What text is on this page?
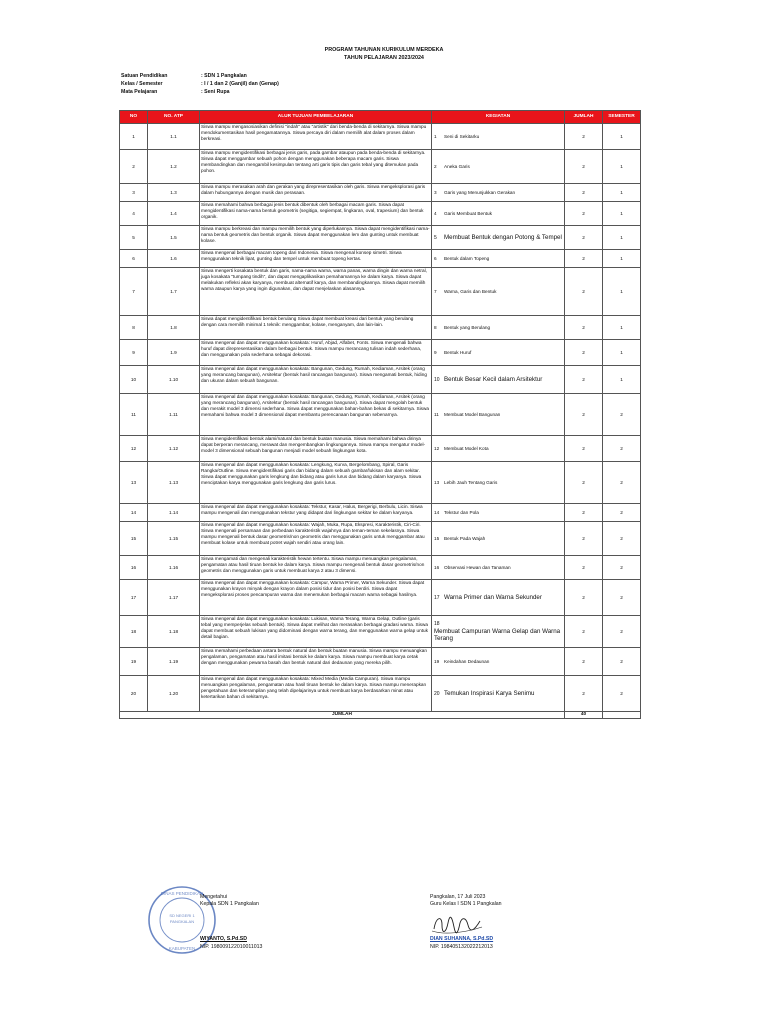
PROGRAM TAHUNAN KURIKULUM MERDEKA
TAHUN PELAJARAN 2023/2024
Satuan Pendidikan	: SDN 1 Pangkalan
Kelas / Semester	: I / 1 dan 2 (Ganjil) dan (Genap)
Mata Pelajaran	: Seni Rupa
NO	NO. ATP	ALUR TUJUAN PEMBELAJARAN	KEGIATAN	JUMLAH	SEMESTER
1	1.1	Siswa mampu mengasosiasikan definisi "indah" atau "artistik" dari benda-benda di sekitarnya. Siswa mampu mendokumentasikan hasil pengamatannya. Siswa percaya diri dalam memilih alat dalam proses dalam berkreasi.	1 Seni di Sekitarku	2	1
2	1.2	Siswa mampu mengidentifikasi berbagai jenis garis, pada gambar ataupun pada benda-benda di sekitarnya. Siswa dapat menggambar sebuah pohon dengan menggunakan beberapa macam garis. Siswa membandingkan dan mengambil kesimpulan tentang arti garis tipis dan garis tebal yang ditemukan pada pohon.	2 Aneka Garis	2	1
3	1.3	Siswa mampu merasakan arah dan gerakan yang direpresentasikan oleh garis. Siswa mengeksplorasi garis dalam hubungannya dengan musik dan perasaan.	3 Garis yang Menunjukkan Gerakan	2	1
4	1.4	Siswa memahami bahwa berbagai jenis bentuk dibentuk oleh berbagai macam garis. Siswa dapat mengidentifikasi nama-nama bentuk geometris (segitiga, segiempat, lingkaran, oval, trapesium) dan bentuk organik.	4 Garis Membuat Bentuk	2	1
5	1.5	Siswa mampu berkreasi dan mampu memilih bentuk yang diperlukannya. Siswa dapat mengidentifikasi nama-nama bentuk geometris dan bentuk organik. Siswa dapat menggunakan lem dan gunting untuk membuat kolase.	5 Membuat Bentuk dengan Potong & Tempel	2	1
6	1.6	Siswa mengenal berbagai macam topeng dari Indonesia. Siswa mengenal konsep simetri. Siswa menggunakan teknik lipat, gunting dan tempel untuk membuat topeng kertas.	6 Bentuk dalam Topeng	2	1
7	1.7	Siswa mengerti kosakata bentuk dan garis, nama-nama warna, warna panas, warna dingin dan warna netral, juga kosakata "tumpang tindih", dan dapat mengaplikasikan pemahamannya ke dalam karya. Siswa dapat melakukan refleksi akan karyanya, membuat alternatif karya, dan membandingkannya. Siswa dapat memilih warna ataupun karya yang ingin digunakan, dan dapat menjelaskan alasannya.	7 Warna, Garis dan Bentuk	2	1
8	1.8	Siswa dapat mengidentifikasi bentuk berulang Siswa dapat membuat kreasi dari bentuk yang berulang dengan cara memilih minimal 1 teknik: menggambar, kolase, menganyam, dan lain-lain.	8 Bentuk yang Berulang	2	1
9	1.9	Siswa mengenal dan dapat menggunakan kosakata: Huruf, Abjad, Alfabet, Fonts. Siswa mengenali bahwa huruf dapat direpresentasikan dalam berbagai bentuk. Siswa mampu merancang tulisan indah sederhana, dan menggunakan pola sederhana sebagai dekorasi.	9 Bentuk Huruf	2	1
10	1.10	Siswa mengenal dan dapat menggunakan kosakata: Bangunan, Gedung, Rumah, Kediaman, Arsitek (orang yang merancang bangunan), Arsitektur (bentuk hasil rancangan bangunan). Siswa mengamati bentuk, hiding dan ukuran dalam sebuah bangunan.	10 Bentuk Besar Kecil dalam Arsitektur	2	1
11	1.11	Siswa mengenal dan dapat menggunakan kosakata: Bangunan, Gedung, Rumah, Kediaman, Arsitek (orang yang merancang bangunan), Arsitektur (bentuk hasil rancangan bangunan). Siswa dapat mengolah bentuk dan merakit model 3 dimensi sederhana. Siswa dapat menggunakan bahan-bahan bekas di sekitarnya. Siswa memahami bahwa model 3 dimensional dapat membantu perencanaan bangunan sebenarnya.	11 Membuat Model Bangunan	2	2
12	1.12	Siswa mengidentifikasi bentuk alami/natural dan bentuk buatan manusia. Siswa memahami bahwa dirinya dapat berperan merancang, merawat dan mengembangkan lingkungannya. Siswa mampu mengatur model-model 3 dimensional sebuah bangunan menjadi model sebuah lingkungan kota.	12 Membuat Model Kota	2	2
13	1.13	Siswa mengenal dan dapat menggunakan kosakata: Lengkung, Kurva, Bergelombang, Spiral, Garis Rangka/Outline. Siswa mengidentifikasi garis dan bidang dalam sebuah gambar/lukisan dan alam sekitar. Siswa dapat menggunakan garis lengkung dan bidang atau garis lurus dan bidang dalam karyanya. Siswa menciptakan karya menggunakan garis lengkung dan garis lurus.	13 Lebih Jauh Tentang Garis	2	2
14	1.14	Siswa mengenal dan dapat menggunakan kosakata: Tekstur, Kasar, Halus, Bergerigi, Berbulu, Licin. Siswa mampu mengenali dan menggunakan tekstur yang didapat dari lingkungan sekitar ke dalam karyanya.	14 Tekstur dan Pola	2	2
15	1.15	Siswa mengenal dan dapat menggunakan kosakata: Wajah, Muka, Rupa, Ekspresi, Karakteristik, Ciri-Ciri. Siswa mengenali persamaan dan perbedaan karakteristik wajahnya dan teman-teman sekelasnya. Siswa mampu mengenali bentuk dasar geometris/non geometris dan menggunakan garis untuk menggambar atau membuat kolase untuk membuat potret wajah sendiri atau orang lain.	15 Bentuk Pada Wajah	2	2
16	1.16	Siswa mengamati dan mengenali karakteristik hewan tertentu. Siswa mampu menuangkan pengalaman, pengamatan atau hasil tiruan bentuk ke dalam karya. Siswa mampu mengenali bentuk dasar geometris/non geometris dan menggunakan garis untuk membuat karya 2 atau 3 dimensi.	16 Observasi Hewan dan Tanaman	2	2
17	1.17	Siswa mengenal dan dapat menggunakan kosakata: Campur, Warna Primer, Warna Sekunder. Siswa dapat menggunakan krayon minyak dengan krayon dalam posisi tidur dan posisi berdiri. Siswa dapat mengeksplorasi proses pencampuran warna dan menemukan berbagai macam warna sebagai hasilnya.	17 Warna Primer dan Warna Sekunder	2	2
18	1.18	Siswa mengenal dan dapat menggunakan kosakata: Lukisan, Warna Terang, Warna Gelap, Outline (garis tebal yang memperjelas sebuah bentuk). Siswa dapat melihat dan merasakan berbagai gradasi warna. Siswa dapat membuat sebuah lukisan yang didominasi dengan warna terang, dan menggunakan warna gelap untuk detail bagian.	18Membuat Campuran Warna Gelap dan Warna Terang	2	2
19	1.19	Siswa memahami perbedaan antara bentuk natural dan bentuk buatan manusia. Siswa mampu menuangkan pengalaman, pengamatan atau hasil imitasi bentuk ke dalam karya. Siswa mampu membuat karya cetak dengan menggunakan pewarna basah dan bentuk natural dari dedaunan yang mereka pilih.	19 Keindahan Dedaunan	2	2
20	1.20	Siswa mengenal dan dapat menggunakan kosakata: Mixed Media (Media Campuran). Siswa mampu menuangkan pengalaman, pengamatan atau hasil tiruan bentuk ke dalam karya. Siswa mampu menerapkan pengetahuan dan keterampilan yang telah dipelajarinya untuk membuat karya berdasarkan minat atau ketertarikan bahan di sekitarnya.	20 Temukan Inspirasi Karya Senimu	2	2
JUMLAH				40	
SD NEGERI 1
PANGKALAN
DINAS PENDIDIKAN
KABUPATEN
Mengetahui
Kepala SDN 1 Pangkalan
WIYANTO, S.Pd.SD
NIP. 198009122010011013
Pangkalan, 17 Juli 2023
Guru Kelas I SDN 1 Pangkalan
DIAN SUHANNA, S.Pd.SD
NIP. 198405132022212013
